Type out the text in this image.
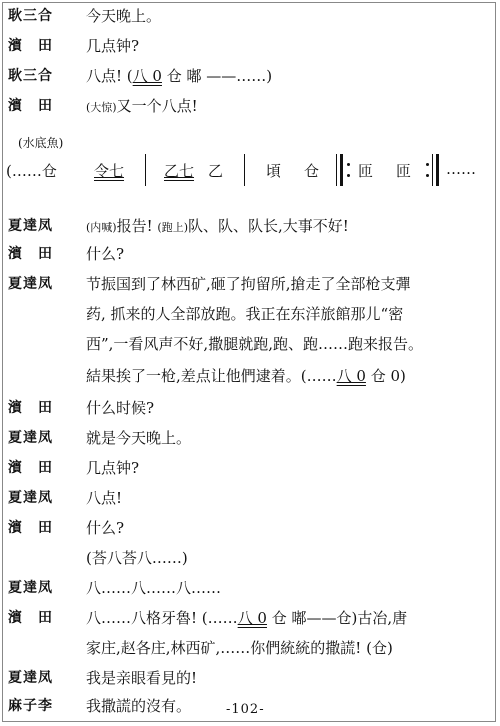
耿三合	今天晚上。
濱　田	几点钟?
耿三合	八点! (八 0 仓 嘟 ——……)
濱　田	(大惊)又一个八点!
(水底魚)
(……仓 令七	乙七 乙	頃 仓	匝 匝 ……
夏達凤	(内喊)报告! (跑上)队、队、队长,大事不好!
濱　田	什么?
夏達凤	节振国到了林西矿,砸了拘留所,搶走了全部枪支彈
药, 抓来的人全部放跑。我正在东洋旅館那儿“密
西”,一看风声不好,撒腿就跑,跑、跑……跑来报告。
結果挨了一枪,差点让他們逮着。(……八 0 仓 0)
濱　田	什么时候?
夏達凤	就是今天晚上。
濱　田	几点钟?
夏達凤	八点!
濱　田	什么?
(荅八荅八……)
夏達凤	八……八……八……
濱　田	八……八格牙魯! (……八 0 仓 嘟——仓)古冶,唐
家庄,赵各庄,林西矿,……你們統統的撒謊! (仓)
夏達凤	我是亲眼看見的!
麻子李	我撒謊的沒有。	-102-
